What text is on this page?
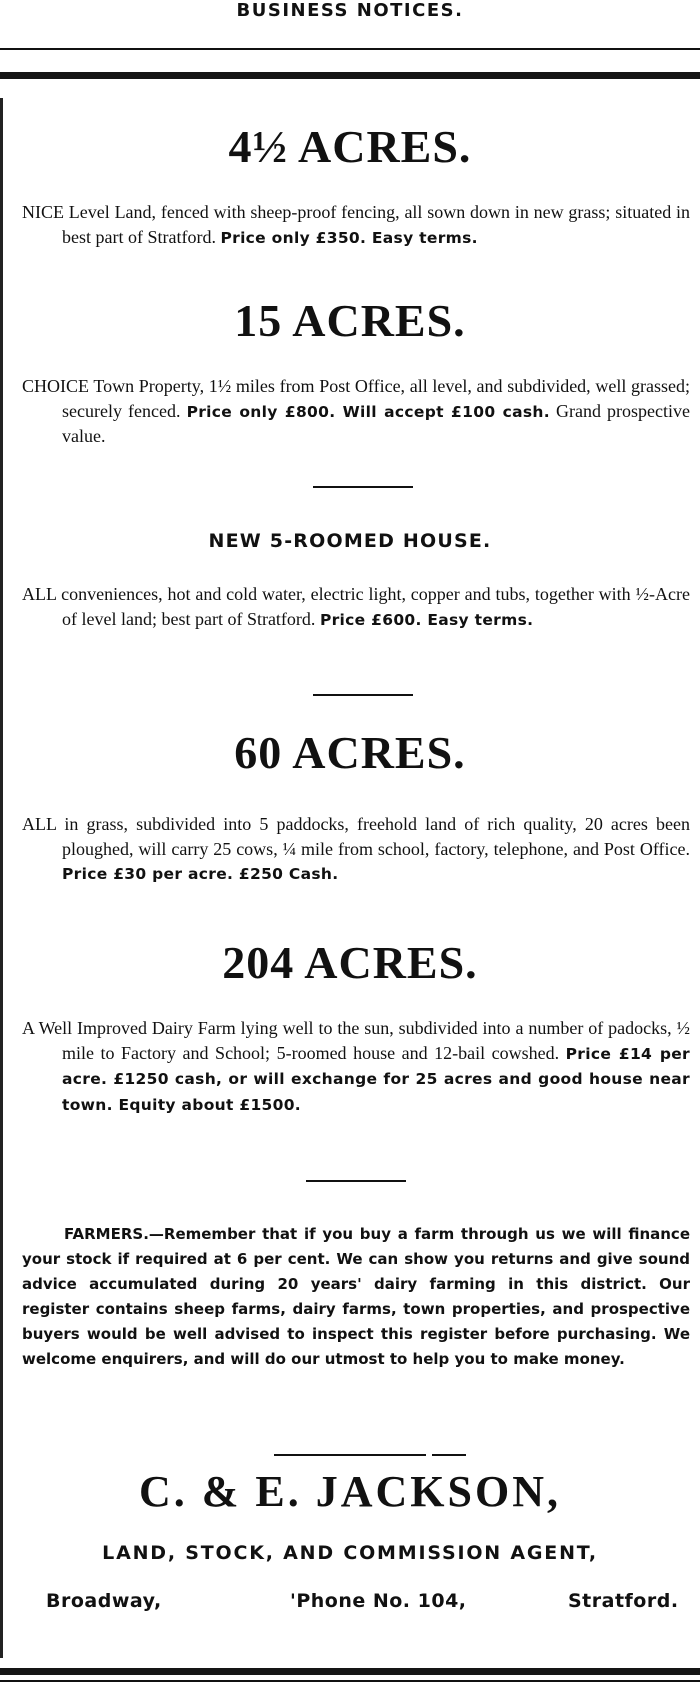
BUSINESS NOTICES.
4½ ACRES.
NICE Level Land, fenced with sheep-proof fencing, all sown down in new grass; situated in best part of Stratford. Price only £350. Easy terms.
15 ACRES.
CHOICE Town Property, 1½ miles from Post Office, all level, and subdivided, well grassed; securely fenced. Price only £800. Will accept £100 cash. Grand prospective value.
NEW 5-ROOMED HOUSE.
ALL conveniences, hot and cold water, electric light, copper and tubs, together with ½-Acre of level land; best part of Stratford. Price £600. Easy terms.
60 ACRES.
ALL in grass, subdivided into 5 paddocks, freehold land of rich quality, 20 acres been ploughed, will carry 25 cows, ¼ mile from school, factory, telephone, and Post Office. Price £30 per acre. £250 Cash.
204 ACRES.
A Well Improved Dairy Farm lying well to the sun, subdivided into a number of padocks, ½ mile to Factory and School; 5-roomed house and 12-bail cowshed. Price £14 per acre. £1250 cash, or will exchange for 25 acres and good house near town. Equity about £1500.
FARMERS.—Remember that if you buy a farm through us we will finance your stock if required at 6 per cent. We can show you returns and give sound advice accumulated during 20 years' dairy farming in this district. Our register contains sheep farms, dairy farms, town properties, and prospective buyers would be well advised to inspect this register before purchasing. We welcome enquirers, and will do our utmost to help you to make money.
C. & E. JACKSON,
LAND, STOCK, AND COMMISSION AGENT,
Broadway,	'Phone No. 104,	Stratford.
